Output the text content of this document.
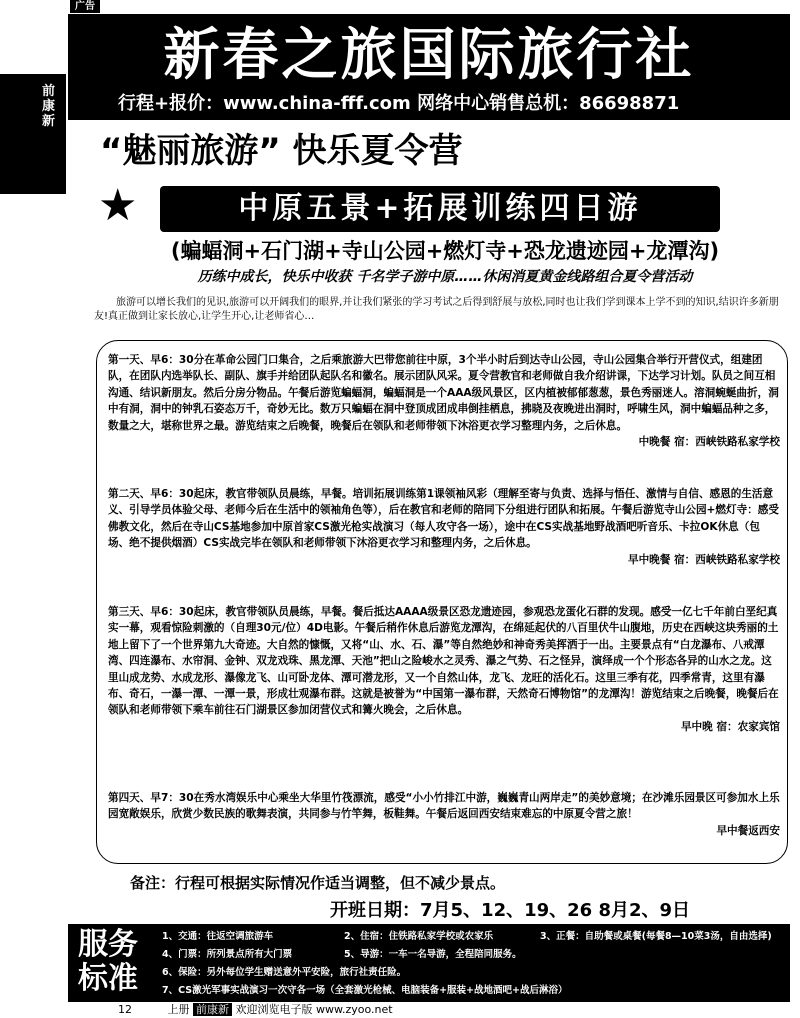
广告
前康新
新春之旅国际旅行社
行程+报价：www.china-fff.com 网络中心销售总机：86698871
“魅丽旅游” 快乐夏令营
★	中原五景+拓展训练四日游
(蝙蝠洞+石门湖+寺山公园+燃灯寺+恐龙遗迹园+龙潭沟)
历练中成长，快乐中收获 千名学子游中原……休闲消夏黄金线路组合夏令营活动
旅游可以增长我们的见识,旅游可以开阔我们的眼界,并让我们紧张的学习考试之后得到舒展与放松,同时也让我们学到课本上学不到的知识,结识许多新朋友!真正做到让家长放心,让学生开心,让老师省心…
第一天、早6：30分在革命公园门口集合，之后乘旅游大巴带您前往中原，3个半小时后到达寺山公园，寺山公园集合举行开营仪式，组建团队，在团队内选举队长、副队、旗手并给团队起队名和徽名。展示团队风采。夏令营教官和老师做自我介绍讲课，下达学习计划。队员之间互相沟通、结识新朋友。然后分房分物品。午餐后游览蝙蝠洞，蝙蝠洞是一个AAA级风景区，区内植被郁郁葱葱，景色秀丽迷人。溶洞蜿蜒曲折，洞中有洞，洞中的钟乳石姿态万千，奇妙无比。数万只蝙蝠在洞中登顶成团成串倒挂栖息，拂晓及夜晚进出洞时，呼啸生风，洞中蝙蝠品种之多，数量之大，堪称世界之最。游览结束之后晚餐，晚餐后在领队和老师带领下沐浴更衣学习整理内务，之后休息。
中晚餐 宿：西峡铁路私家学校
第二天、早6：30起床，教官带领队员晨练，早餐。培训拓展训练第1课领袖风彩（理解至寄与负责、选择与悟任、激情与自信、感恩的生活意义、引导学员体验父母、老师今后在生活中的领袖角色等），后在教官和老师的陪同下分组进行团队和拓展。午餐后游览寺山公园+燃灯寺：感受佛教文化，然后在寺山CS基地参加中原首家CS激光枪实战演习（每人攻守各一场），途中在CS实战基地野战酒吧听音乐、卡拉OK休息（包场、绝不提供烟酒）CS实战完毕在领队和老师带领下沐浴更衣学习和整理内务，之后休息。
早中晚餐 宿：西峡铁路私家学校
第三天、早6：30起床，教官带领队员晨练，早餐。餐后抵达AAAA级景区恐龙遗迹园，参观恐龙蛋化石群的发现。感受一亿七千年前白垩纪真实一幕，观看惊险刺激的（自理30元/位）4D电影。午餐后稍作休息后游览龙潭沟，在绵延起伏的八百里伏牛山腹地，历史在西峡这块秀丽的土地上留下了一个世界第九大奇迹。大自然的慷慨，又将“山、水、石、瀑”等自然绝妙和神奇秀美挥洒于一出。主要景点有“白龙瀑布、八戒潭湾、四连瀑布、水帘洞、金钟、双龙戏珠、黑龙潭、天池”把山之险峻水之灵秀、瀑之气势、石之怪异，演绎成一个个形态各异的山水之龙。这里山成龙势、水成龙形、瀑像龙飞、山可卧龙体、潭可潜龙形，又一个自然山体，龙飞、龙旺的活化石。这里三季有花，四季常青，这里有瀑布、奇石，一瀑一潭、一潭一景，形成壮观瀑布群。这就是被誉为“中国第一瀑布群，天然奇石博物馆”的龙潭沟！游览结束之后晚餐，晚餐后在领队和老师带领下乘车前往石门湖景区参加闭营仪式和篝火晚会，之后休息。
早中晚 宿：农家宾馆
第四天、早7：30在秀水湾娱乐中心乘坐大华里竹筏漂流，感受“小小竹排江中游，巍巍青山两岸走”的美妙意境；在沙滩乐园景区可参加水上乐园宽敞娱乐，欣赏少数民族的歌舞表演，共同参与竹竿舞，板鞋舞。午餐后返回西安结束难忘的中原夏令营之旅！
早中餐返西安
备注：行程可根据实际情况作适当调整，但不减少景点。
开班日期：7月5、12、19、26 8月2、9日
服务标准
1、交通：往返空调旅游车	2、住宿：住铁路私家学校或农家乐	3、正餐：自助餐或桌餐(每餐8—10菜3汤，自由选择)
4、门票：所列景点所有大门票	5、导游：一车一名导游，全程陪同服务。
6、保险：另外每位学生赠送意外平安险，旅行社责任险。
7、CS激光军事实战演习一次守各一场（全套激光枪械、电脑装备+服装+战地酒吧+战后淋浴）
12	上册 前康新 欢迎浏览电子版 www.zyoo.net
